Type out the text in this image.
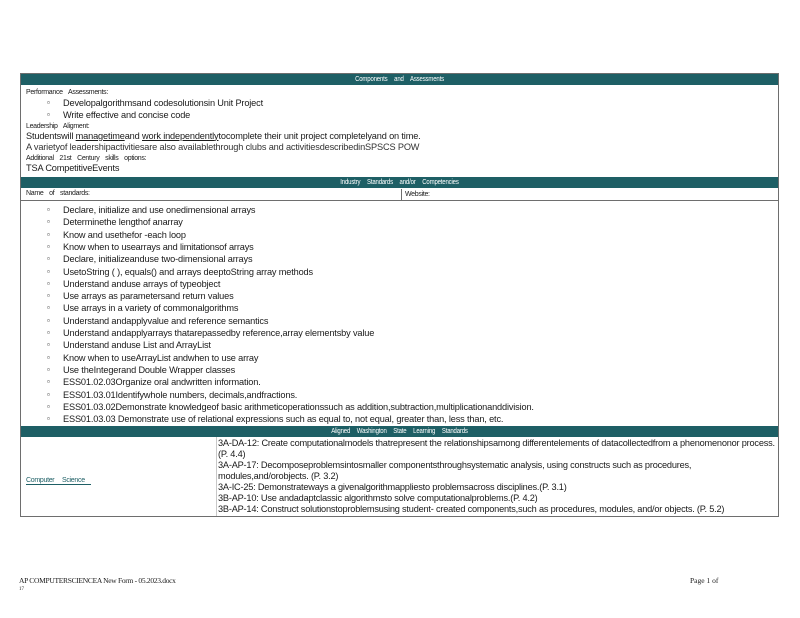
Components and Assessments
Performance Assessments:
▫ Developalgorithmsand codesolutionsin Unit Project
▫ Write effective and concise code
Leadership Aligment:
Studentswill managetimeand work independentlytocomplete their unit project completelyand on time.
A varietyof leadershipactivitiesare also availablethrough clubs and activitiesdescribedinSPSCS POW
Additional 21st Century skills options:
TSA CompetitiveEvents
Industry Standards and/or Competencies
Name of standards:	Website:
▫ Declare, initialize and use onedimensional arrays
▫ Determinethe lengthof anarray
▫ Know and usethefor -each loop
▫ Know when to usearrays and limitationsof arrays
▫ Declare, initializeanduse two-dimensional arrays
▫ UsetoString ( ), equals() and arrays deeptoString array methods
▫ Understand anduse arrays of typeobject
▫ Use arrays as parametersand return values
▫ Use arrays in a variety of commonalgorithms
▫ Understand andapplyvalue and reference semantics
▫ Understand andapplyarrays thatarepassedby reference,array elementsby value
▫ Understand anduse List and ArrayList
▫ Know when to useArrayList andwhen to use array
▫ Use theIntegerand Double Wrapper classes
▫ ESS01.02.03Organize oral andwritten information.
▫ ESS01.03.01Identifywhole numbers, decimals,andfractions.
▫ ESS01.03.02Demonstrate knowledgeof basic arithmeticoperationssuch as addition,subtraction,multiplicationanddivision.
▫ ESS01.03.03 Demonstrate use of relational expressions such as equal to, not equal, greater than, less than, etc.
Aligned Washington State Learning Standards
Computer Science
3A-DA-12: Create computationalmodels thatrepresent the relationshipsamong differentelements of datacollectedfrom a phenomenonor process. (P. 4.4)
3A-AP-17: Decomposeproblemsintosmaller componentsthroughsystematic analysis, using constructs such as procedures, modules,and/orobjects. (P. 3.2)
3A-IC-25: Demonstrateways a givenalgorithmappliesto problemsacross disciplines.(P. 3.1)
3B-AP-10: Use andadaptclassic algorithmsto solve computationalproblems.(P. 4.2)
3B-AP-14: Construct solutionstoproblemsusing student- created components,such as procedures, modules, and/or objects. (P. 5.2)
AP COMPUTERSCIENCEA New Form - 05.2023.docx	Page 1 of
17
